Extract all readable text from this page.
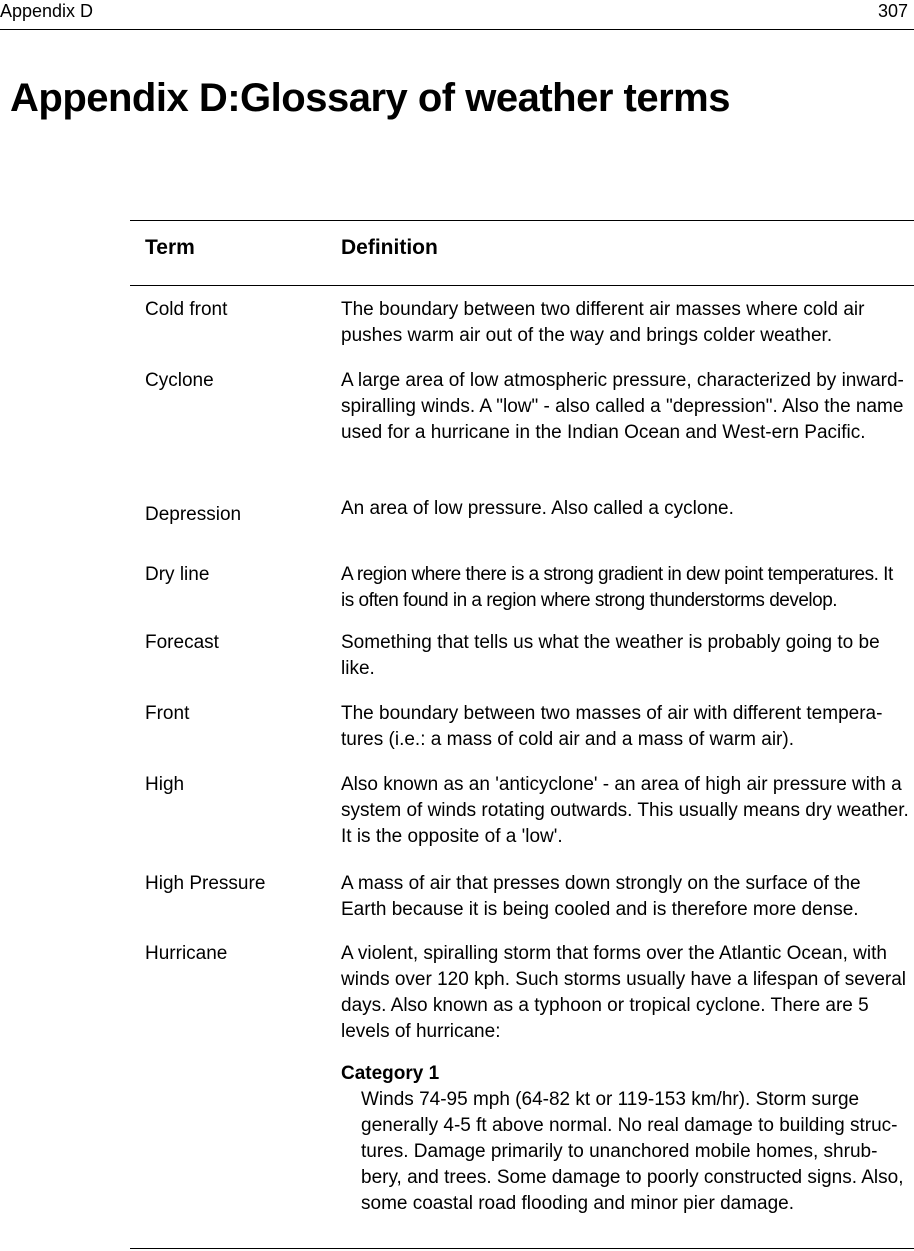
Appendix D	307
Appendix D:Glossary of weather terms
Term	Definition
Cold front	The boundary between two different air masses where cold air pushes warm air out of the way and brings colder weather.
Cyclone	A large area of low atmospheric pressure, characterized by inward-spiralling winds. A "low" - also called a "depression". Also the name used for a hurricane in the Indian Ocean and West-ern Pacific.
Depression	An area of low pressure. Also called a cyclone.
Dry line	A region where there is a strong gradient in dew point temperatures. It is often found in a region where strong thunderstorms develop.
Forecast	Something that tells us what the weather is probably going to be like.
Front	The boundary between two masses of air with different tempera-tures (i.e.: a mass of cold air and a mass of warm air).
High	Also known as an 'anticyclone' - an area of high air pressure with a system of winds rotating outwards. This usually means dry weather. It is the opposite of a 'low'.
High Pressure	A mass of air that presses down strongly on the surface of the Earth because it is being cooled and is therefore more dense.
Hurricane	A violent, spiralling storm that forms over the Atlantic Ocean, with winds over 120 kph. Such storms usually have a lifespan of several days. Also known as a typhoon or tropical cyclone. There are 5 levels of hurricane:
Category 1
Winds 74-95 mph (64-82 kt or 119-153 km/hr). Storm surge generally 4-5 ft above normal. No real damage to building struc-tures. Damage primarily to unanchored mobile homes, shrub-bery, and trees. Some damage to poorly constructed signs. Also, some coastal road flooding and minor pier damage.
